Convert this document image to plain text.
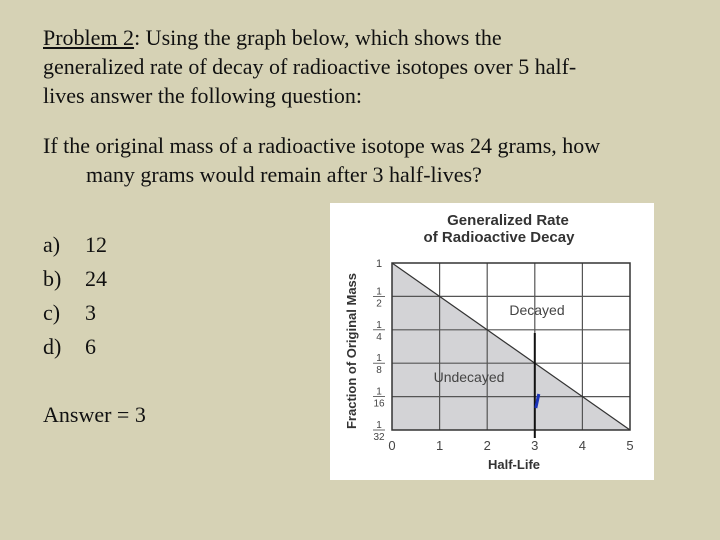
Problem 2: Using the graph below, which shows the
generalized rate of decay of radioactive isotopes over 5 half-
lives answer the following question:
If the original mass of a radioactive isotope was 24 grams, how
many grams would remain after 3 half-lives?
a)	12
b)	24
c)	3
d)	6
Answer = 3
Generalized Rate
of Radioactive Decay
Fraction of Original Mass
Half-Life
Decayed
Undecayed
0	1	2	3	4	5
1
1
2
1
4
1
8
1
16
1
32
